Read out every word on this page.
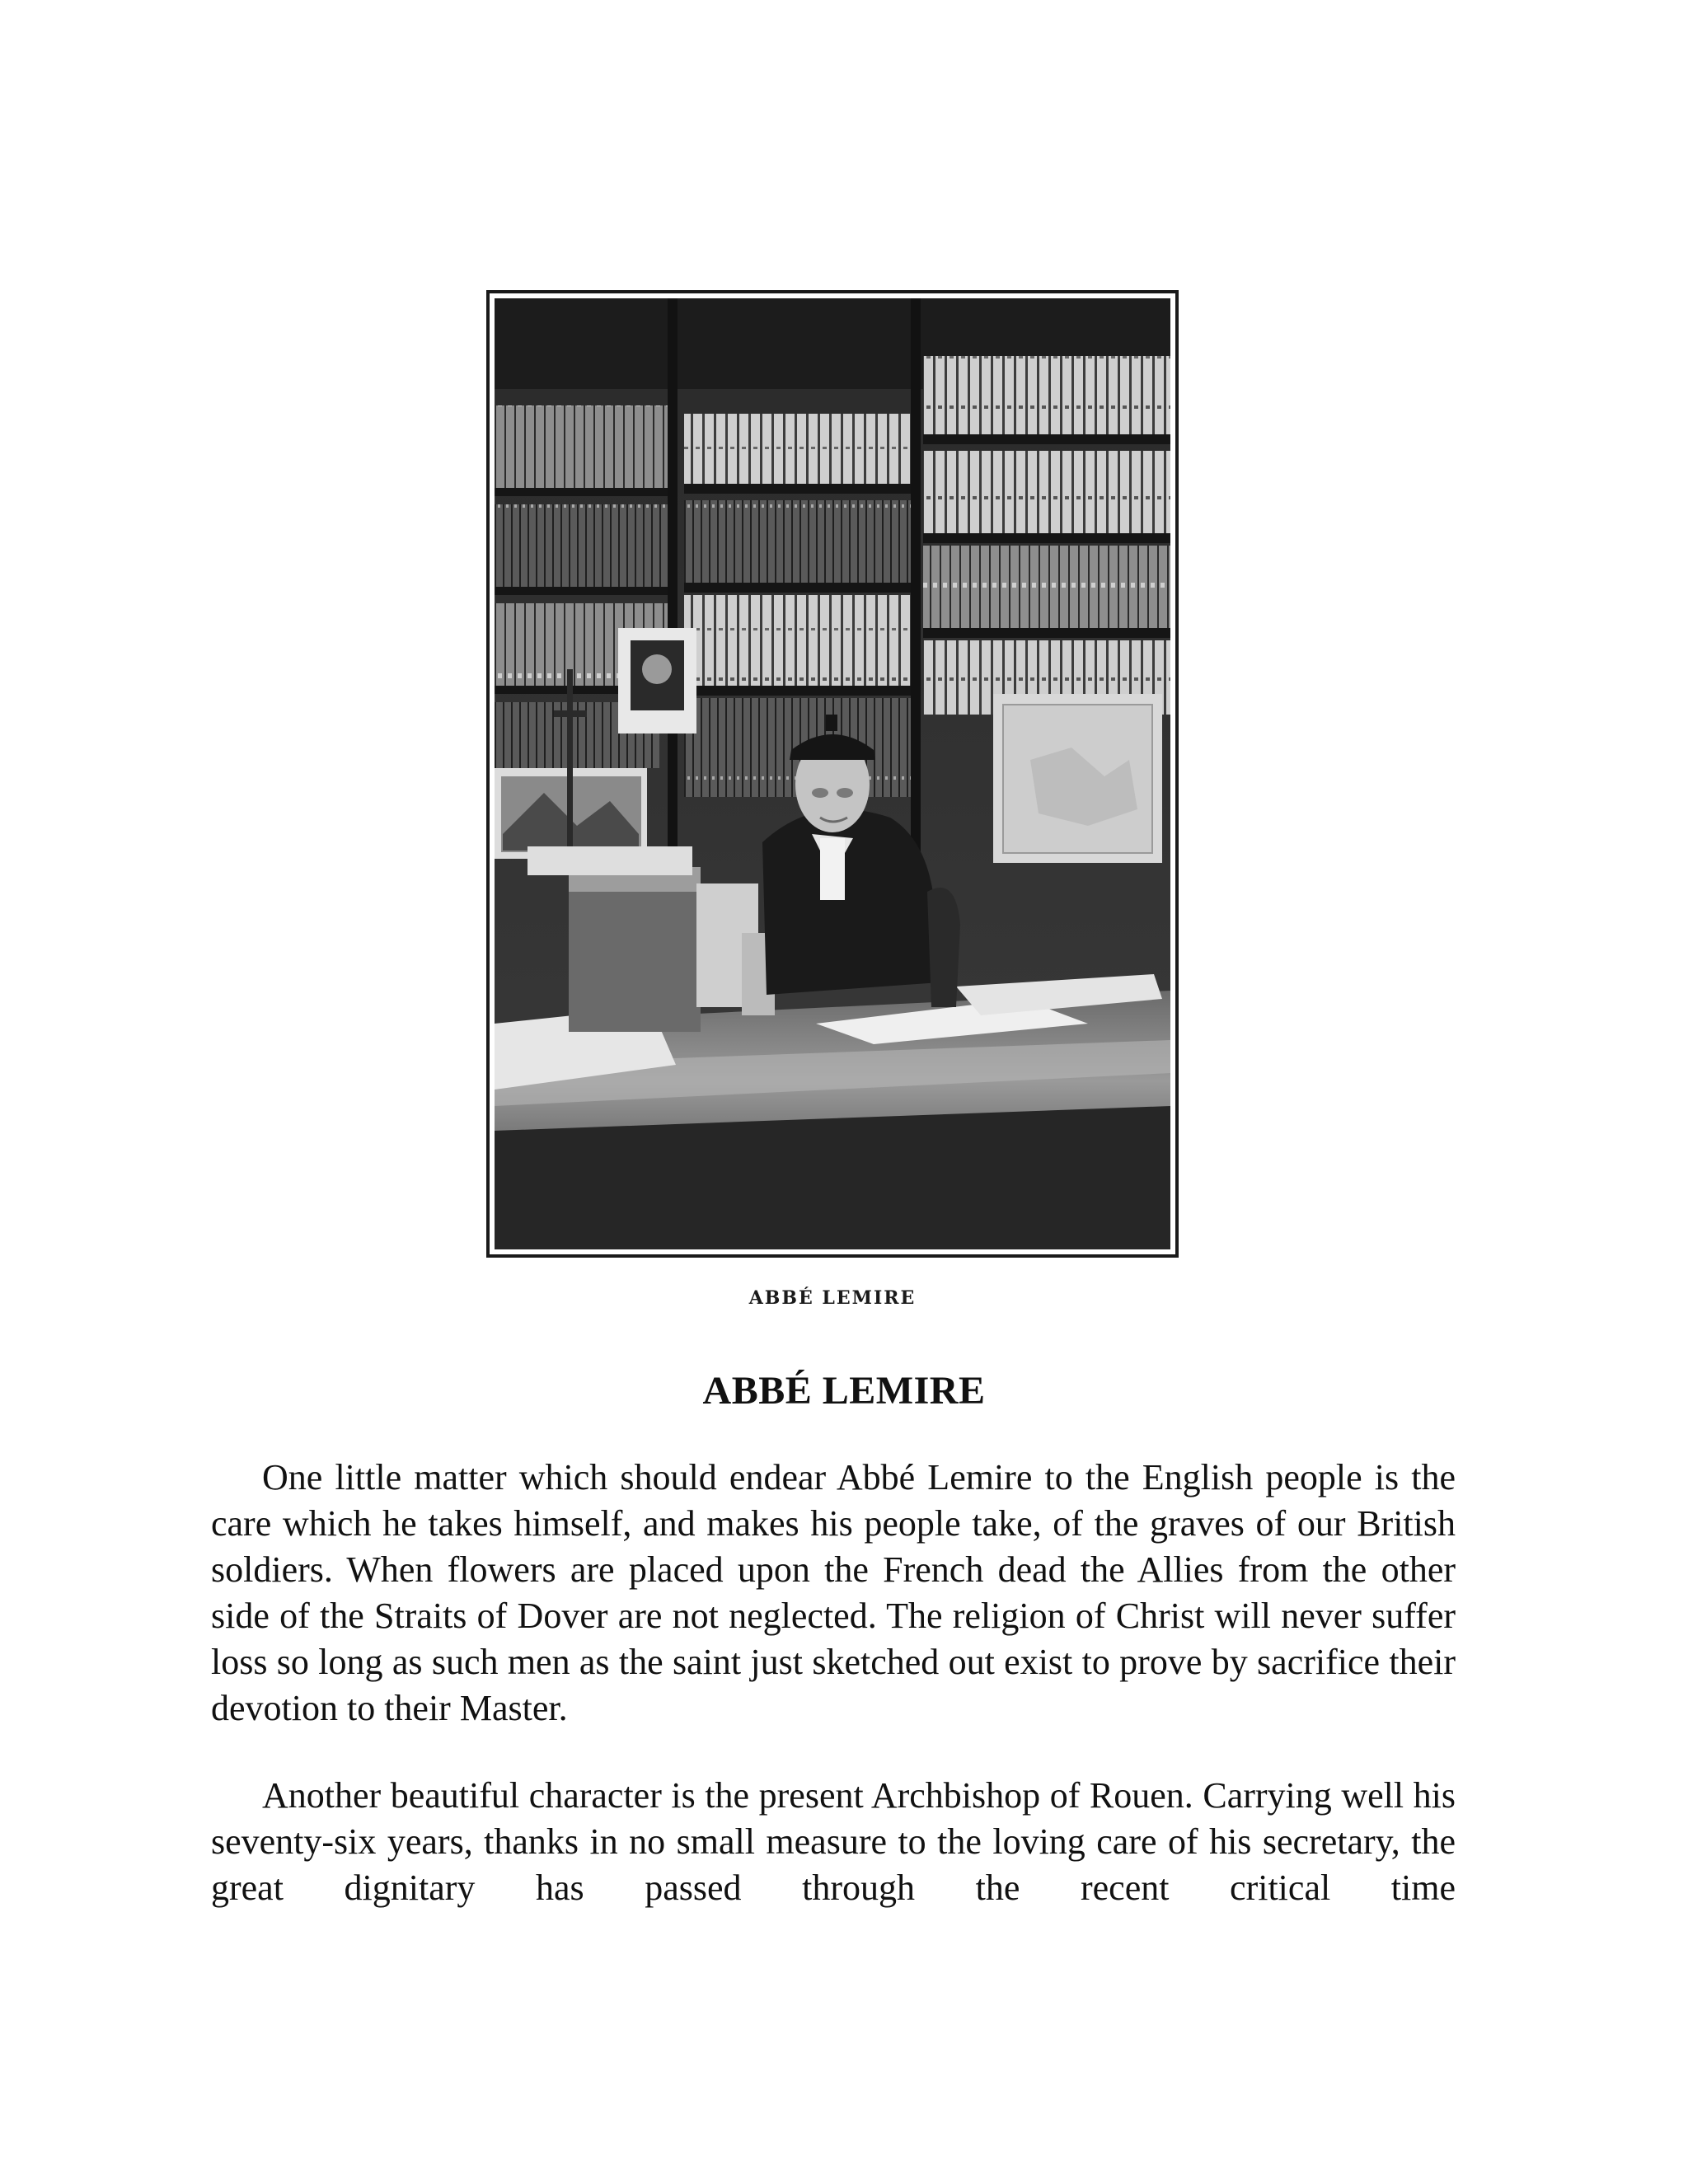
ABBÉ LEMIRE
ABBÉ LEMIRE

One little matter which should endear Abbé Lemire to the English people is the care which he takes himself, and makes his people take, of the graves of our British soldiers. When flowers are placed upon the French dead the Allies from the other side of the Straits of Dover are not neglected. The religion of Christ will never suffer loss so long as such men as the saint just sketched out exist to prove by sacrifice their devotion to their Master.

Another beautiful character is the present Archbishop of Rouen. Carrying well his seventy-six years, thanks in no small measure to the loving care of his secretary, the great dignitary has passed through the recent critical time
